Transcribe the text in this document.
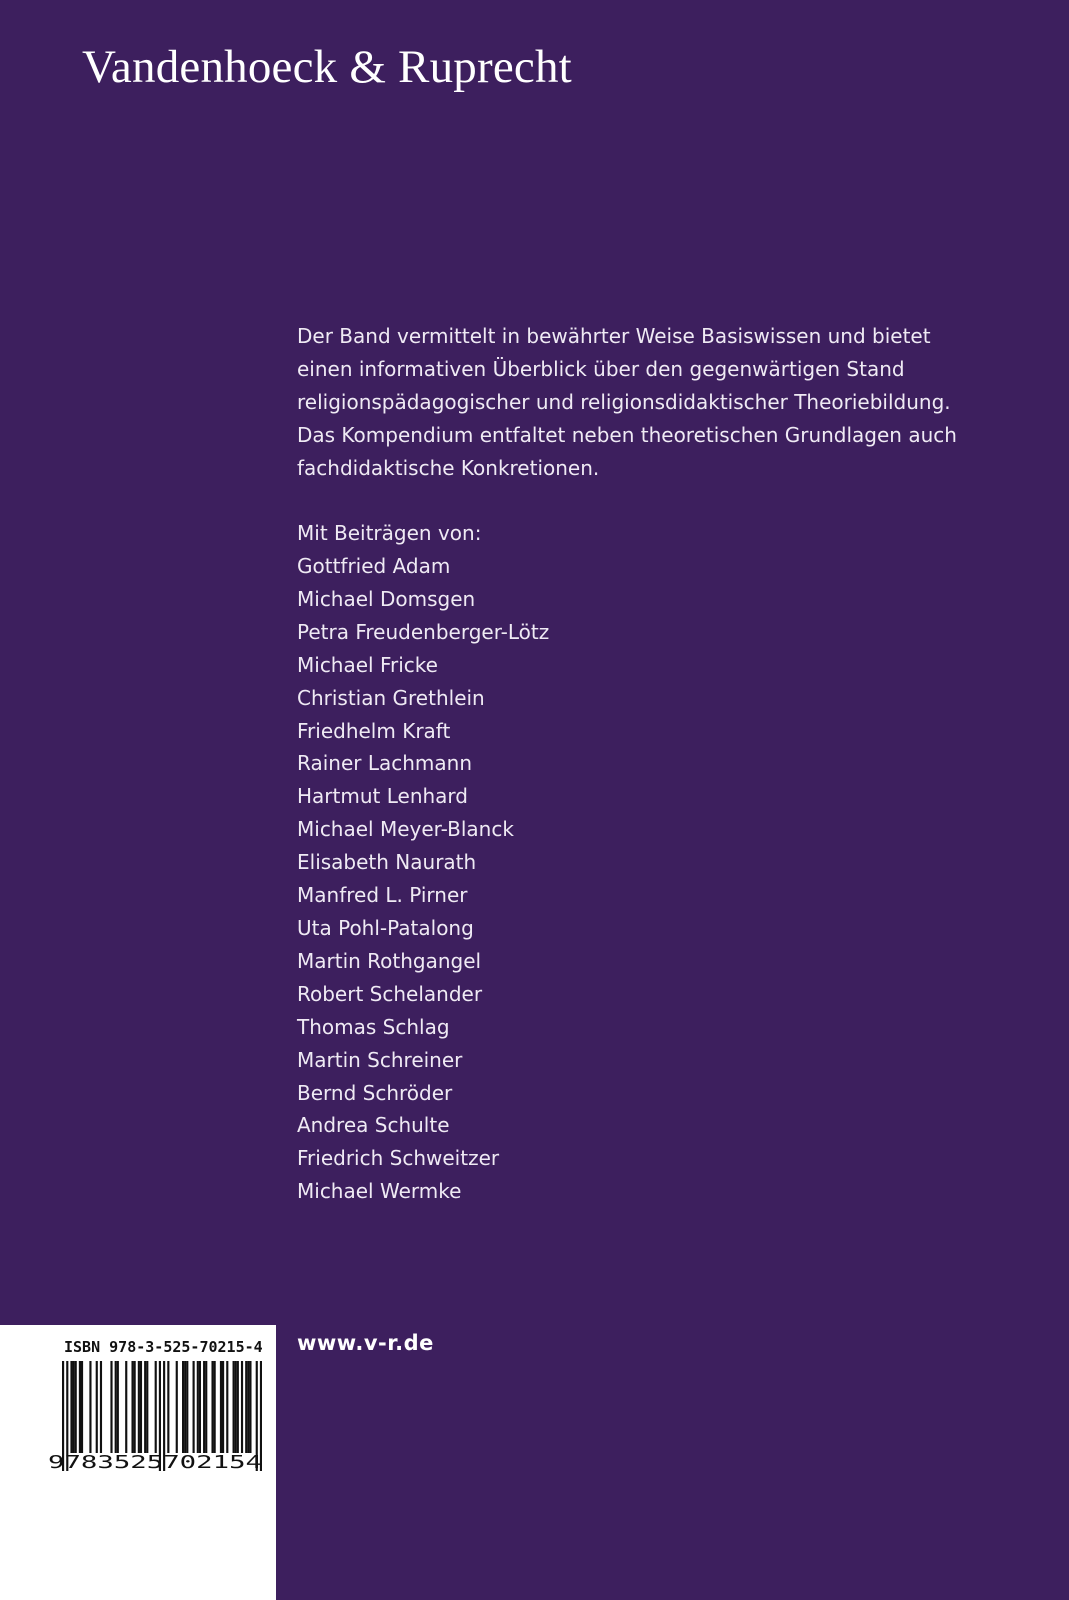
Vandenhoeck & Ruprecht
Der Band vermittelt in bewährter Weise Basiswissen und bietet
einen informativen Überblick über den gegenwärtigen Stand
religionspädagogischer und religionsdidaktischer Theoriebildung.
Das Kompendium entfaltet neben theoretischen Grundlagen auch
fachdidaktische Konkretionen.
Mit Beiträgen von:
Gottfried Adam
Michael Domsgen
Petra Freudenberger-Lötz
Michael Fricke
Christian Grethlein
Friedhelm Kraft
Rainer Lachmann
Hartmut Lenhard
Michael Meyer-Blanck
Elisabeth Naurath
Manfred L. Pirner
Uta Pohl-Patalong
Martin Rothgangel
Robert Schelander
Thomas Schlag
Martin Schreiner
Bernd Schröder
Andrea Schulte
Friedrich Schweitzer
Michael Wermke
ISBN 978-3-525-70215-4
9783525702154
www.v-r.de
